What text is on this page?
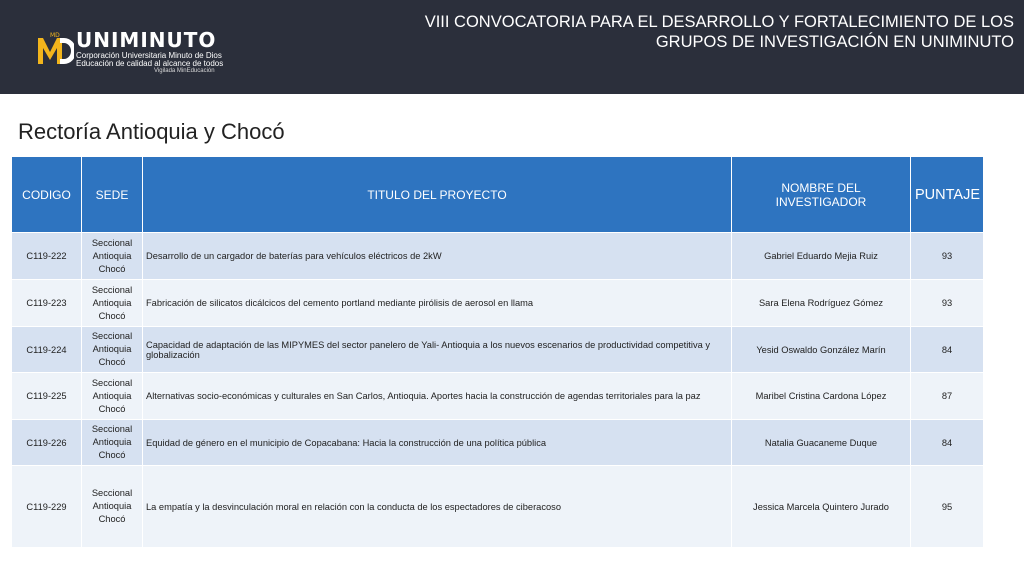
MD UNIMINUTO
Corporación Universitaria Minuto de Dios
Educación de calidad al alcance de todos
Vigilada MinEducación
VIII CONVOCATORIA PARA EL DESARROLLO Y FORTALECIMIENTO DE LOS
GRUPOS DE INVESTIGACIÓN EN UNIMINUTO
Rectoría Antioquia y Chocó
CODIGO	SEDE	TITULO DEL PROYECTO	NOMBRE DEL INVESTIGADOR	PUNTAJE
C119-222	Seccional
Antioquia
Chocó	Desarrollo de un cargador de baterías para vehículos eléctricos de 2kW	Gabriel Eduardo Mejia Ruiz	93
C119-223	Seccional
Antioquia
Chocó	Fabricación de silicatos dicálcicos del cemento portland mediante pirólisis de aerosol en llama	Sara Elena Rodríguez Gómez	93
C119-224	Seccional
Antioquia
Chocó	Capacidad de adaptación de las MIPYMES del sector panelero de Yali- Antioquia a los nuevos escenarios de productividad competitiva y globalización	Yesid Oswaldo González Marín	84
C119-225	Seccional
Antioquia
Chocó	Alternativas socio-económicas y culturales en San Carlos, Antioquia. Aportes hacia la construcción de agendas territoriales para la paz	Maribel Cristina Cardona López	87
C119-226	Seccional
Antioquia
Chocó	Equidad de género en el municipio de Copacabana: Hacia la construcción de una política pública	Natalia Guacaneme Duque	84
C119-229	Seccional
Antioquia
Chocó	La empatía y la desvinculación moral en relación con la conducta de los espectadores de ciberacoso	Jessica Marcela Quintero Jurado	95
